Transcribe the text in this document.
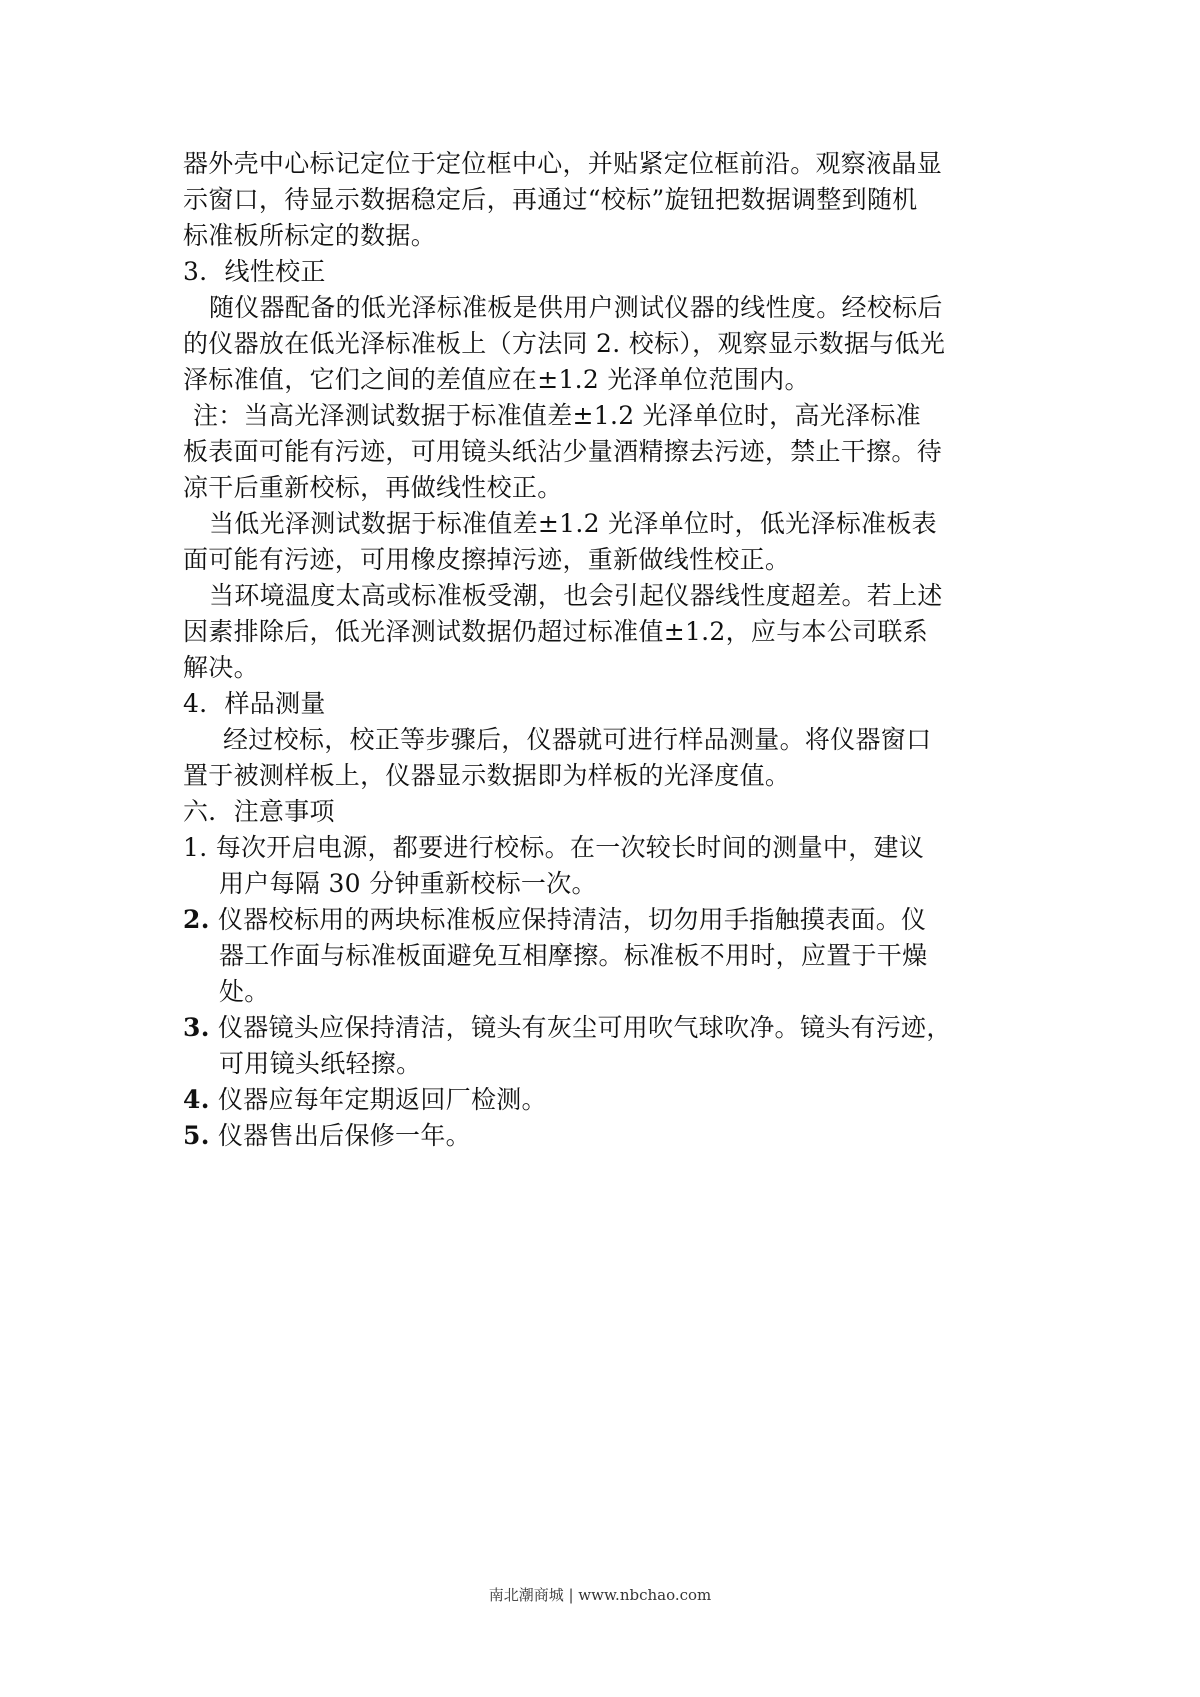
器外壳中心标记定位于定位框中心，并贴紧定位框前沿。观察液晶显
示窗口，待显示数据稳定后，再通过“校标”旋钮把数据调整到随机
标准板所标定的数据。
3．线性校正
随仪器配备的低光泽标准板是供用户测试仪器的线性度。经校标后
的仪器放在低光泽标准板上（方法同 2. 校标），观察显示数据与低光
泽标准值，它们之间的差值应在±1.2 光泽单位范围内。
注：当高光泽测试数据于标准值差±1.2 光泽单位时，高光泽标准
板表面可能有污迹，可用镜头纸沾少量酒精擦去污迹，禁止干擦。待
凉干后重新校标，再做线性校正。
当低光泽测试数据于标准值差±1.2 光泽单位时，低光泽标准板表
面可能有污迹，可用橡皮擦掉污迹，重新做线性校正。
当环境温度太高或标准板受潮，也会引起仪器线性度超差。若上述
因素排除后，低光泽测试数据仍超过标准值±1.2，应与本公司联系
解决。
4．样品测量
经过校标，校正等步骤后，仪器就可进行样品测量。将仪器窗口
置于被测样板上，仪器显示数据即为样板的光泽度值。
六．注意事项
1. 每次开启电源，都要进行校标。在一次较长时间的测量中，建议
用户每隔 30 分钟重新校标一次。
2. 仪器校标用的两块标准板应保持清洁，切勿用手指触摸表面。仪
器工作面与标准板面避免互相摩擦。标准板不用时，应置于干燥
处。
3. 仪器镜头应保持清洁，镜头有灰尘可用吹气球吹净。镜头有污迹，
可用镜头纸轻擦。
4. 仪器应每年定期返回厂检测。
5. 仪器售出后保修一年。
南北潮商城 | www.nbchao.com
